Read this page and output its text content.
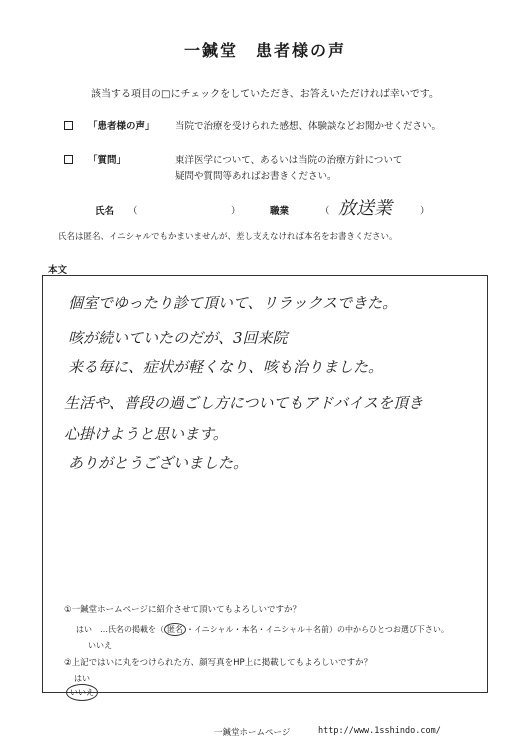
一鍼堂　患者様の声
該当する項目の□にチェックをしていただき、お答えいただければ幸いです。
「患者様の声」 当院で治療を受けられた感想、体験談などお聞かせください。
「質問」	東洋医学について、あるいは当院の治療方針について
疑問や質問等あればお書きください。
氏名 （	）	職業	（ 放送業	）
氏名は匿名、イニシャルでもかまいませんが、差し支えなければ本名をお書きください。
本文
個室でゆったり診て頂いて、リラックスできた。
咳が続いていたのだが、3回来院
来る毎に、症状が軽くなり、咳も治りました。
生活や、普段の過ごし方についてもアドバイスを頂き
心掛けようと思います。
ありがとうございました。
①一鍼堂ホームページに紹介させて頂いてもよろしいですか？
はい　 …氏名の掲載を（ 匿名 ・イニシャル・本名・イニシャル＋名前）の中からひとつお選び下さい。
いいえ
②上記ではいに丸をつけられた方、顔写真をHP上に掲載してもよろしいですか？
はい
いいえ
一鍼堂ホームページ	http://www.1sshindo.com/
